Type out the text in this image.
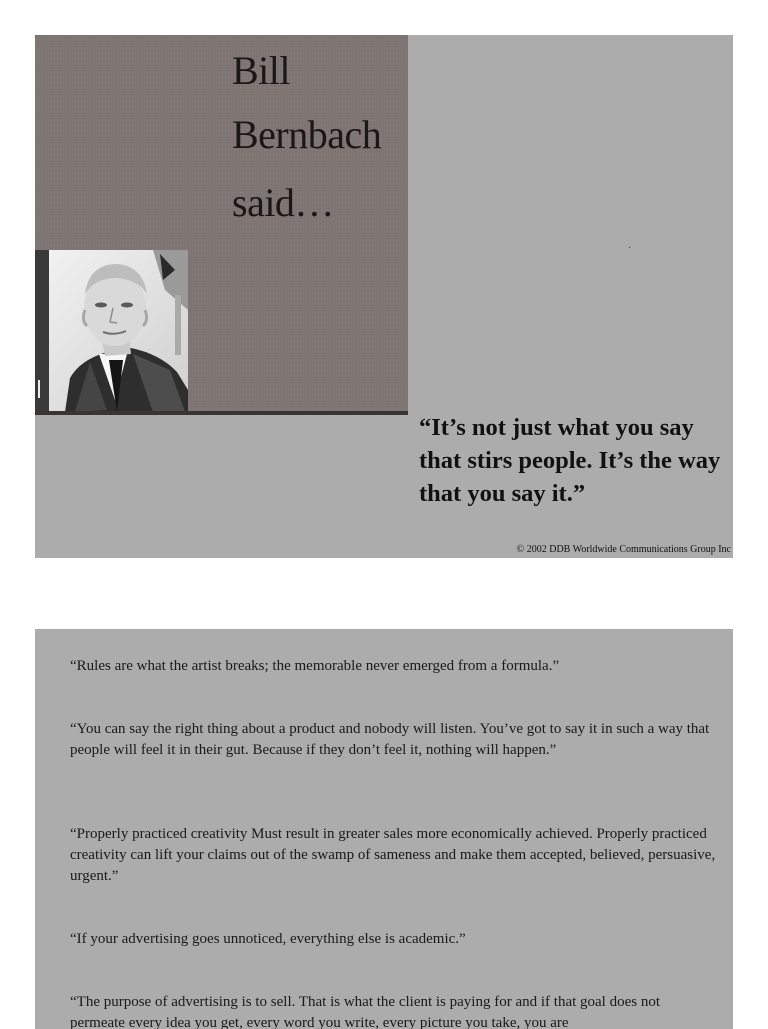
Bill
Bernbach
said…

“It’s not just what you say that stirs people. It’s the way that you say it.”

© 2002 DDB Worldwide Communications Group Inc

“Rules are what the artist breaks; the memorable never emerged from a formula.”

“You can say the right thing about a product and nobody will listen. You’ve got to say it in such a way that people will feel it in their gut. Because if they don’t feel it, nothing will happen.”

“Properly practiced creativity Must result in greater sales more economically achieved. Properly practiced creativity can lift your claims out of the swamp of sameness and make them accepted, believed, persuasive, urgent.”

“If your advertising goes unnoticed, everything else is academic.”

“The purpose of advertising is to sell. That is what the client is paying for and if that goal does not permeate every idea you get, every word you write, every picture you take, you are
